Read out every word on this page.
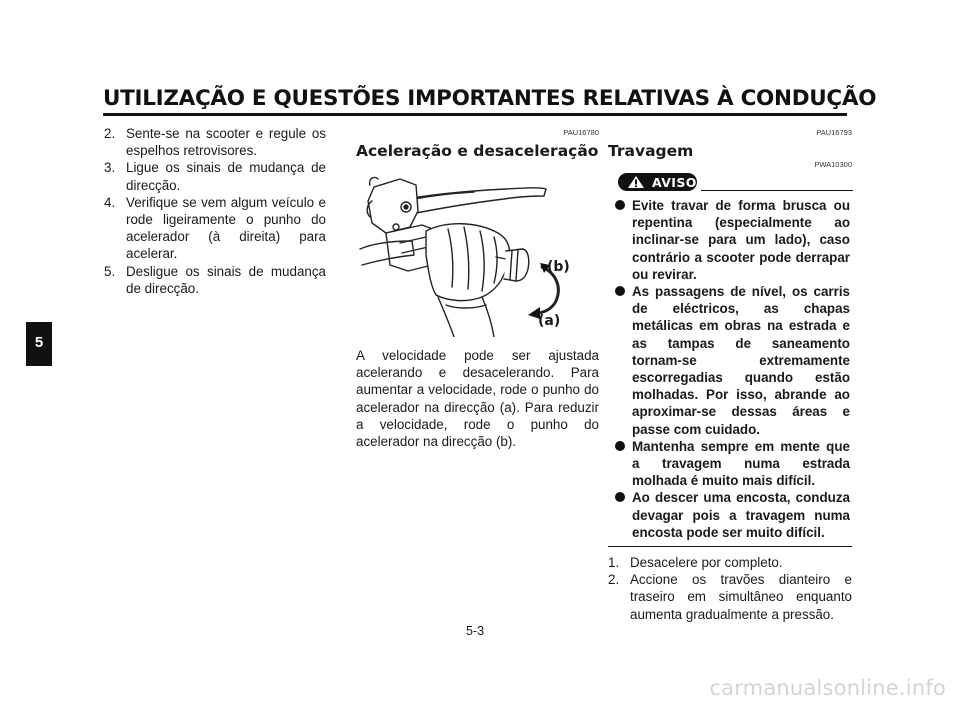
UTILIZAÇÃO E QUESTÕES IMPORTANTES RELATIVAS À CONDUÇÃO
5
2. Sente-se na scooter e regule os espelhos retrovisores.
3. Ligue os sinais de mudança de direcção.
4. Verifique se vem algum veículo e rode ligeiramente o punho do acelerador (à direita) para acelerar.
5. Desligue os sinais de mudança de direcção.
PAU16780
Aceleração e desaceleração
(b)
(a)
A velocidade pode ser ajustada acelerando e desacelerando. Para aumentar a velocidade, rode o punho do acelerador na direcção (a). Para reduzir a velocidade, rode o punho do acelerador na direcção (b).
PAU16793
Travagem
PWA10300
AVISO
Evite travar de forma brusca ou repentina (especialmente ao inclinar-se para um lado), caso contrário a scooter pode derrapar ou revirar.
As passagens de nível, os carris de eléctricos, as chapas metálicas em obras na estrada e as tampas de saneamento tornam-se extremamente escorregadias quando estão molhadas. Por isso, abrande ao aproximar-se dessas áreas e passe com cuidado.
Mantenha sempre em mente que a travagem numa estrada molhada é muito mais difícil.
Ao descer uma encosta, conduza devagar pois a travagem numa encosta pode ser muito difícil.
1. Desacelere por completo.
2. Accione os travões dianteiro e traseiro em simultâneo enquanto aumenta gradualmente a pressão.
5-3
carmanualsonline.info
